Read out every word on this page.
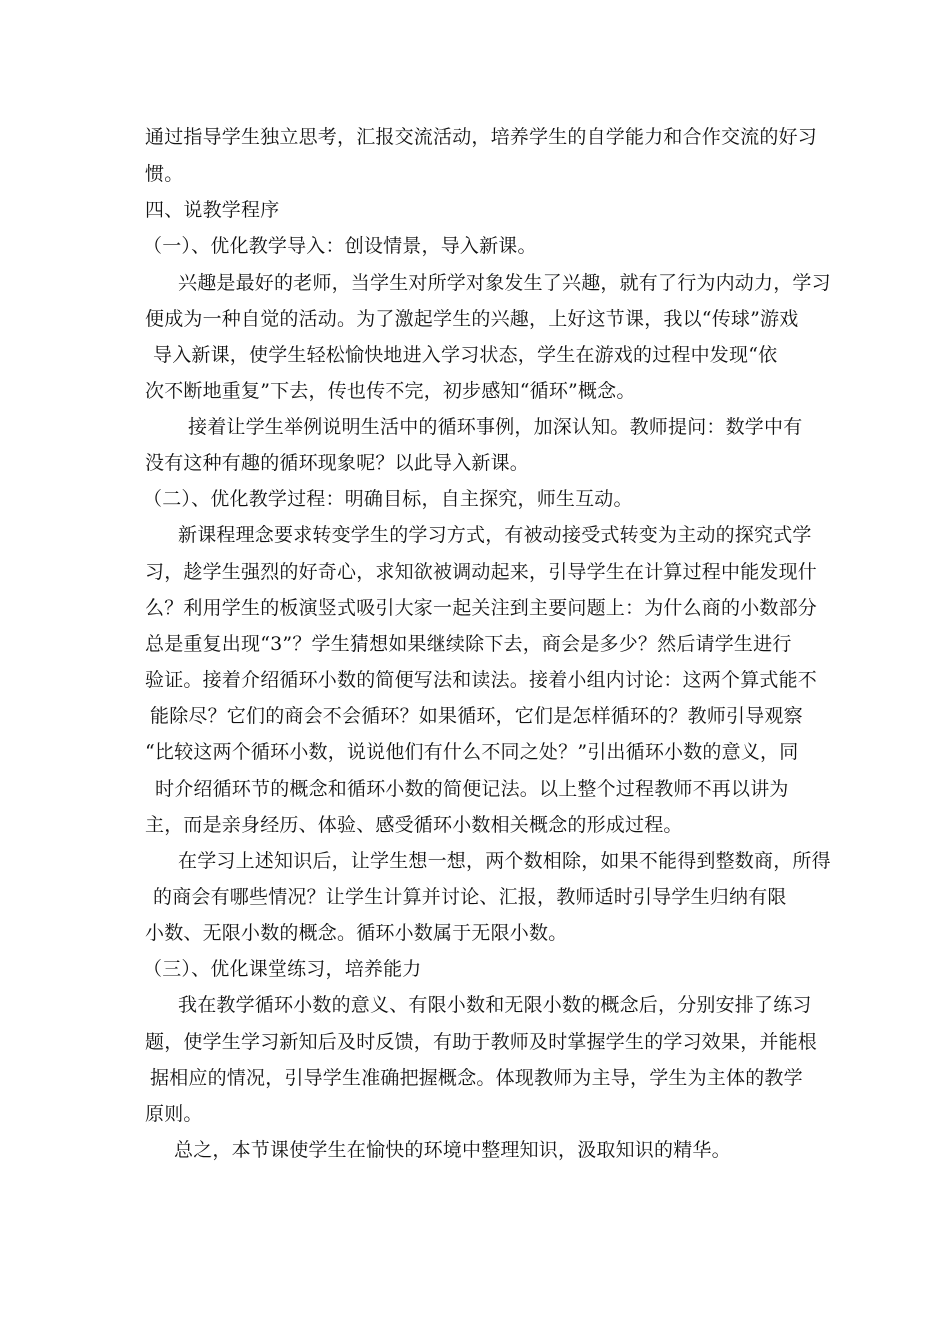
通过指导学生独立思考，汇报交流活动，培养学生的自学能力和合作交流的好习
惯。
四、说教学程序
（一）、优化教学导入：创设情景，导入新课。
兴趣是最好的老师，当学生对所学对象发生了兴趣，就有了行为内动力，学习
便成为一种自觉的活动。为了激起学生的兴趣，上好这节课，我以“传球”游戏
导入新课，使学生轻松愉快地进入学习状态，学生在游戏的过程中发现“依
次不断地重复”下去，传也传不完，初步感知“循环”概念。
接着让学生举例说明生活中的循环事例，加深认知。教师提问：数学中有
没有这种有趣的循环现象呢？以此导入新课。
（二）、优化教学过程：明确目标，自主探究，师生互动。
新课程理念要求转变学生的学习方式，有被动接受式转变为主动的探究式学
习，趁学生强烈的好奇心，求知欲被调动起来，引导学生在计算过程中能发现什
么？利用学生的板演竖式吸引大家一起关注到主要问题上：为什么商的小数部分
总是重复出现“3”？学生猜想如果继续除下去，商会是多少？然后请学生进行
验证。接着介绍循环小数的简便写法和读法。接着小组内讨论：这两个算式能不
能除尽？它们的商会不会循环？如果循环，它们是怎样循环的？教师引导观察
“比较这两个循环小数，说说他们有什么不同之处？”引出循环小数的意义，同
时介绍循环节的概念和循环小数的简便记法。以上整个过程教师不再以讲为
主，而是亲身经历、体验、感受循环小数相关概念的形成过程。
在学习上述知识后，让学生想一想，两个数相除，如果不能得到整数商，所得
的商会有哪些情况？让学生计算并讨论、汇报，教师适时引导学生归纳有限
小数、无限小数的概念。循环小数属于无限小数。
（三）、优化课堂练习，培养能力
我在教学循环小数的意义、有限小数和无限小数的概念后，分别安排了练习
题，使学生学习新知后及时反馈，有助于教师及时掌握学生的学习效果，并能根
据相应的情况，引导学生准确把握概念。体现教师为主导，学生为主体的教学
原则。
总之，本节课使学生在愉快的环境中整理知识，汲取知识的精华。
